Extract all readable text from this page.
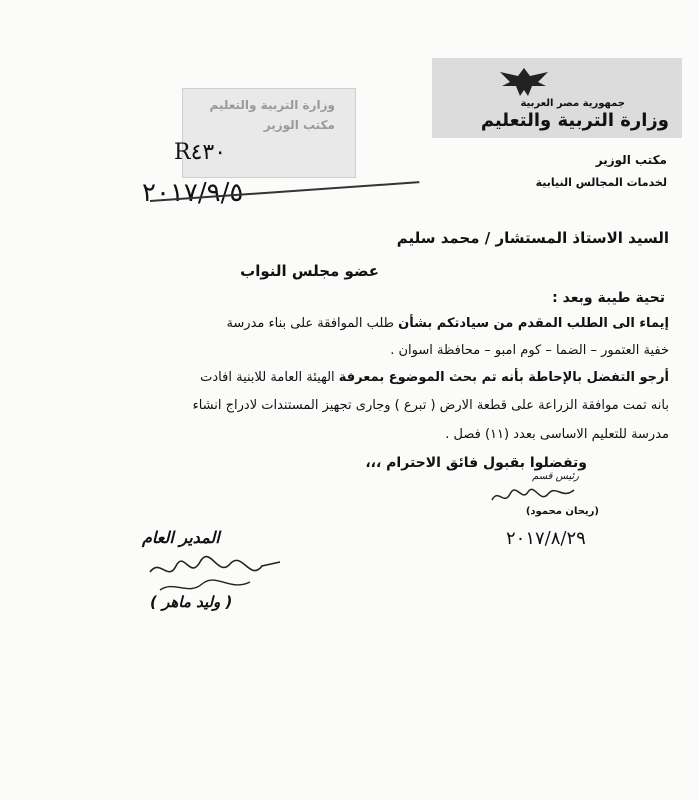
جمهورية مصر العربية
وزارة التربية والتعليم
مكتب الوزير
لخدمات المجالس النيابية
وزارة التربية والتعليم
مكتب الوزير
R٤٣٠
٢٠١٧/٩/٥
السيد الاستاذ المستشار / محمد سليم
عضو مجلس النواب
تحية طيبة وبعد :
إيماء الى الطلب المقدم من سيادتكم بشأن طلب الموافقة على بناء مدرسة
خفية العتمور – الضما – كوم امبو – محافظة اسوان .
أرجو التفضل بالإحاطة بأنه تم بحث الموضوع بمعرفة الهيئة العامة للابنية افادت
بانه تمت موافقة الزراعة على قطعة الارض ( تبرع ) وجارى تجهيز المستندات لادراج انشاء
مدرسة للتعليم الاساسى بعدد (١١) فصل .
وتفضلوا بقبول فائق الاحترام ،،،
رئيس قسم
(ريحان محمود)
٢٠١٧/٨/٢٩
المدير العام
( وليد ماهر )
